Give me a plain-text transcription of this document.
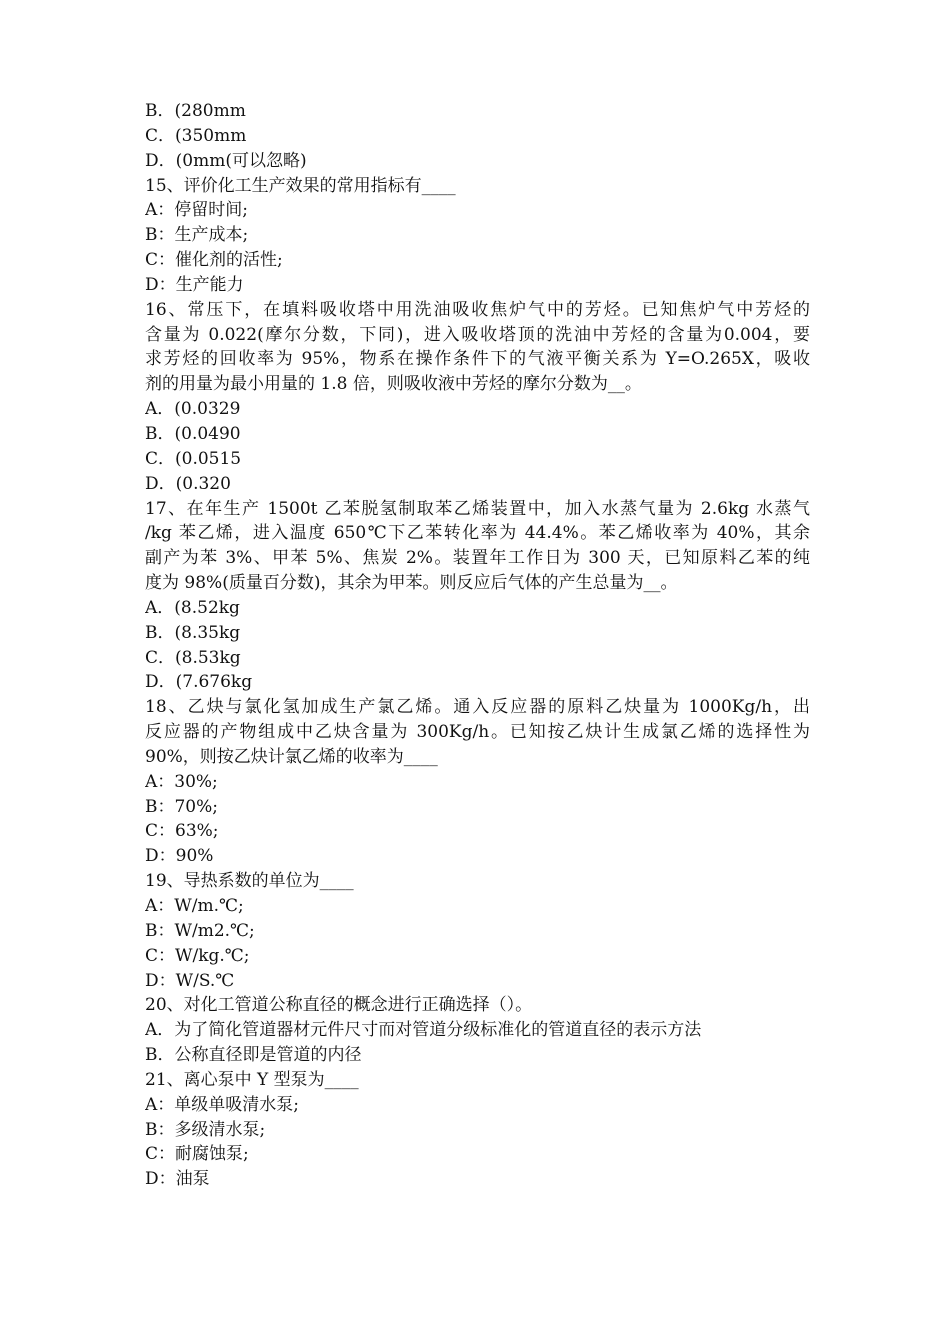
B．(280mm
C．(350mm
D．(0mm(可以忽略)
15、评价化工生产效果的常用指标有____
A：停留时间;
B：生产成本;
C：催化剂的活性;
D：生产能力
16、常压下，在填料吸收塔中用洗油吸收焦炉气中的芳烃。已知焦炉气中芳烃的
含量为 0.022(摩尔分数，下同)，进入吸收塔顶的洗油中芳烃的含量为0.004，要
求芳烃的回收率为 95%，物系在操作条件下的气液平衡关系为 Y=O.265X，吸收
剂的用量为最小用量的 1.8 倍，则吸收液中芳烃的摩尔分数为__。
A．(0.0329
B．(0.0490
C．(0.0515
D．(0.320
17、在年生产 1500t 乙苯脱氢制取苯乙烯装置中，加入水蒸气量为 2.6kg 水蒸气
/kg 苯乙烯，进入温度 650℃下乙苯转化率为 44.4%。苯乙烯收率为 40%，其余
副产为苯 3%、甲苯 5%、焦炭 2%。装置年工作日为 300 天，已知原料乙苯的纯
度为 98%(质量百分数)，其余为甲苯。则反应后气体的产生总量为__。
A．(8.52kg
B．(8.35kg
C．(8.53kg
D．(7.676kg
18、乙炔与氯化氢加成生产氯乙烯。通入反应器的原料乙炔量为 1000Kg/h，出
反应器的产物组成中乙炔含量为 300Kg/h。已知按乙炔计生成氯乙烯的选择性为
90%，则按乙炔计氯乙烯的收率为____
A：30%;
B：70%;
C：63%;
D：90%
19、导热系数的单位为____
A：W/m.℃;
B：W/m2.℃;
C：W/kg.℃;
D：W/S.℃
20、对化工管道公称直径的概念进行正确选择（）。
A．为了简化管道器材元件尺寸而对管道分级标准化的管道直径的表示方法
B．公称直径即是管道的内径
21、离心泵中 Y 型泵为____
A：单级单吸清水泵;
B：多级清水泵;
C：耐腐蚀泵;
D：油泵
